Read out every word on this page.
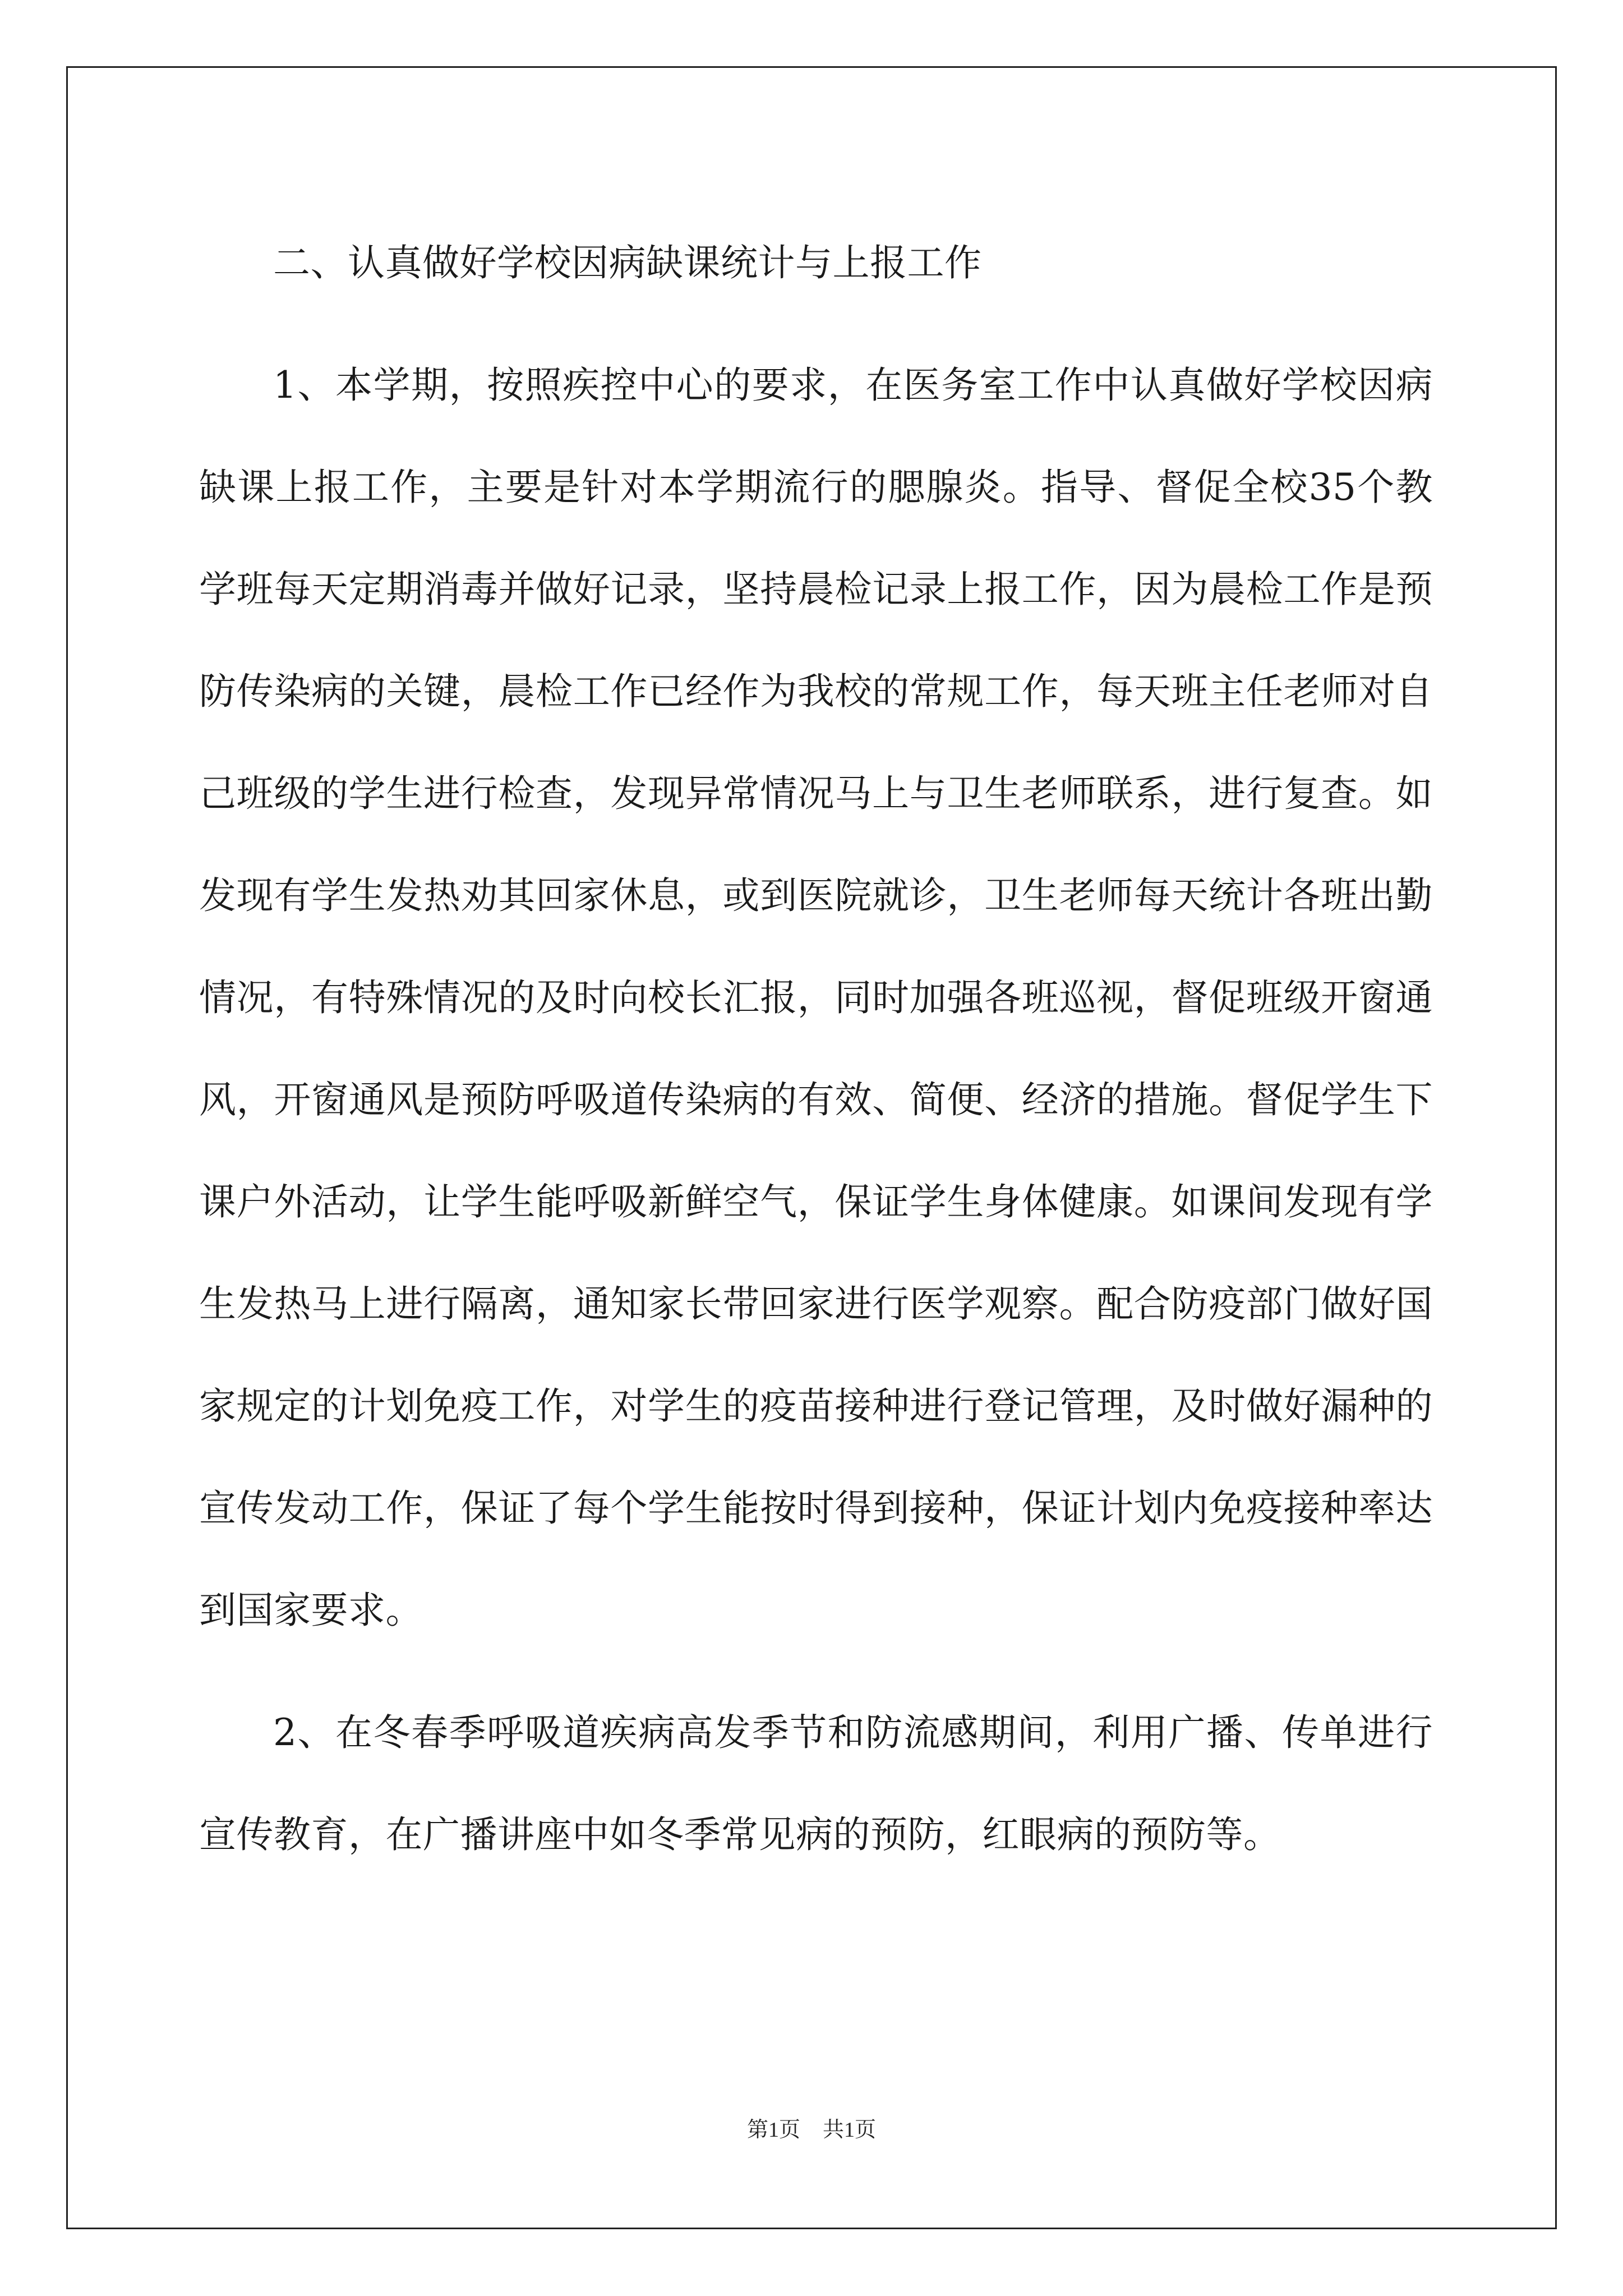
二、认真做好学校因病缺课统计与上报工作

1、本学期，按照疾控中心的要求，在医务室工作中认真做好学校因病缺课上报工作，主要是针对本学期流行的腮腺炎。指导、督促全校35个教学班每天定期消毒并做好记录，坚持晨检记录上报工作，因为晨检工作是预防传染病的关键，晨检工作已经作为我校的常规工作，每天班主任老师对自己班级的学生进行检查，发现异常情况马上与卫生老师联系，进行复查。如发现有学生发热劝其回家休息，或到医院就诊，卫生老师每天统计各班出勤情况，有特殊情况的及时向校长汇报，同时加强各班巡视，督促班级开窗通风，开窗通风是预防呼吸道传染病的有效、简便、经济的措施。督促学生下课户外活动，让学生能呼吸新鲜空气，保证学生身体健康。如课间发现有学生发热马上进行隔离，通知家长带回家进行医学观察。配合防疫部门做好国家规定的计划免疫工作，对学生的疫苗接种进行登记管理，及时做好漏种的宣传发动工作，保证了每个学生能按时得到接种，保证计划内免疫接种率达到国家要求。

2、在冬春季呼吸道疾病高发季节和防流感期间，利用广播、传单进行宣传教育，在广播讲座中如冬季常见病的预防，红眼病的预防等。

第1页 共1页
